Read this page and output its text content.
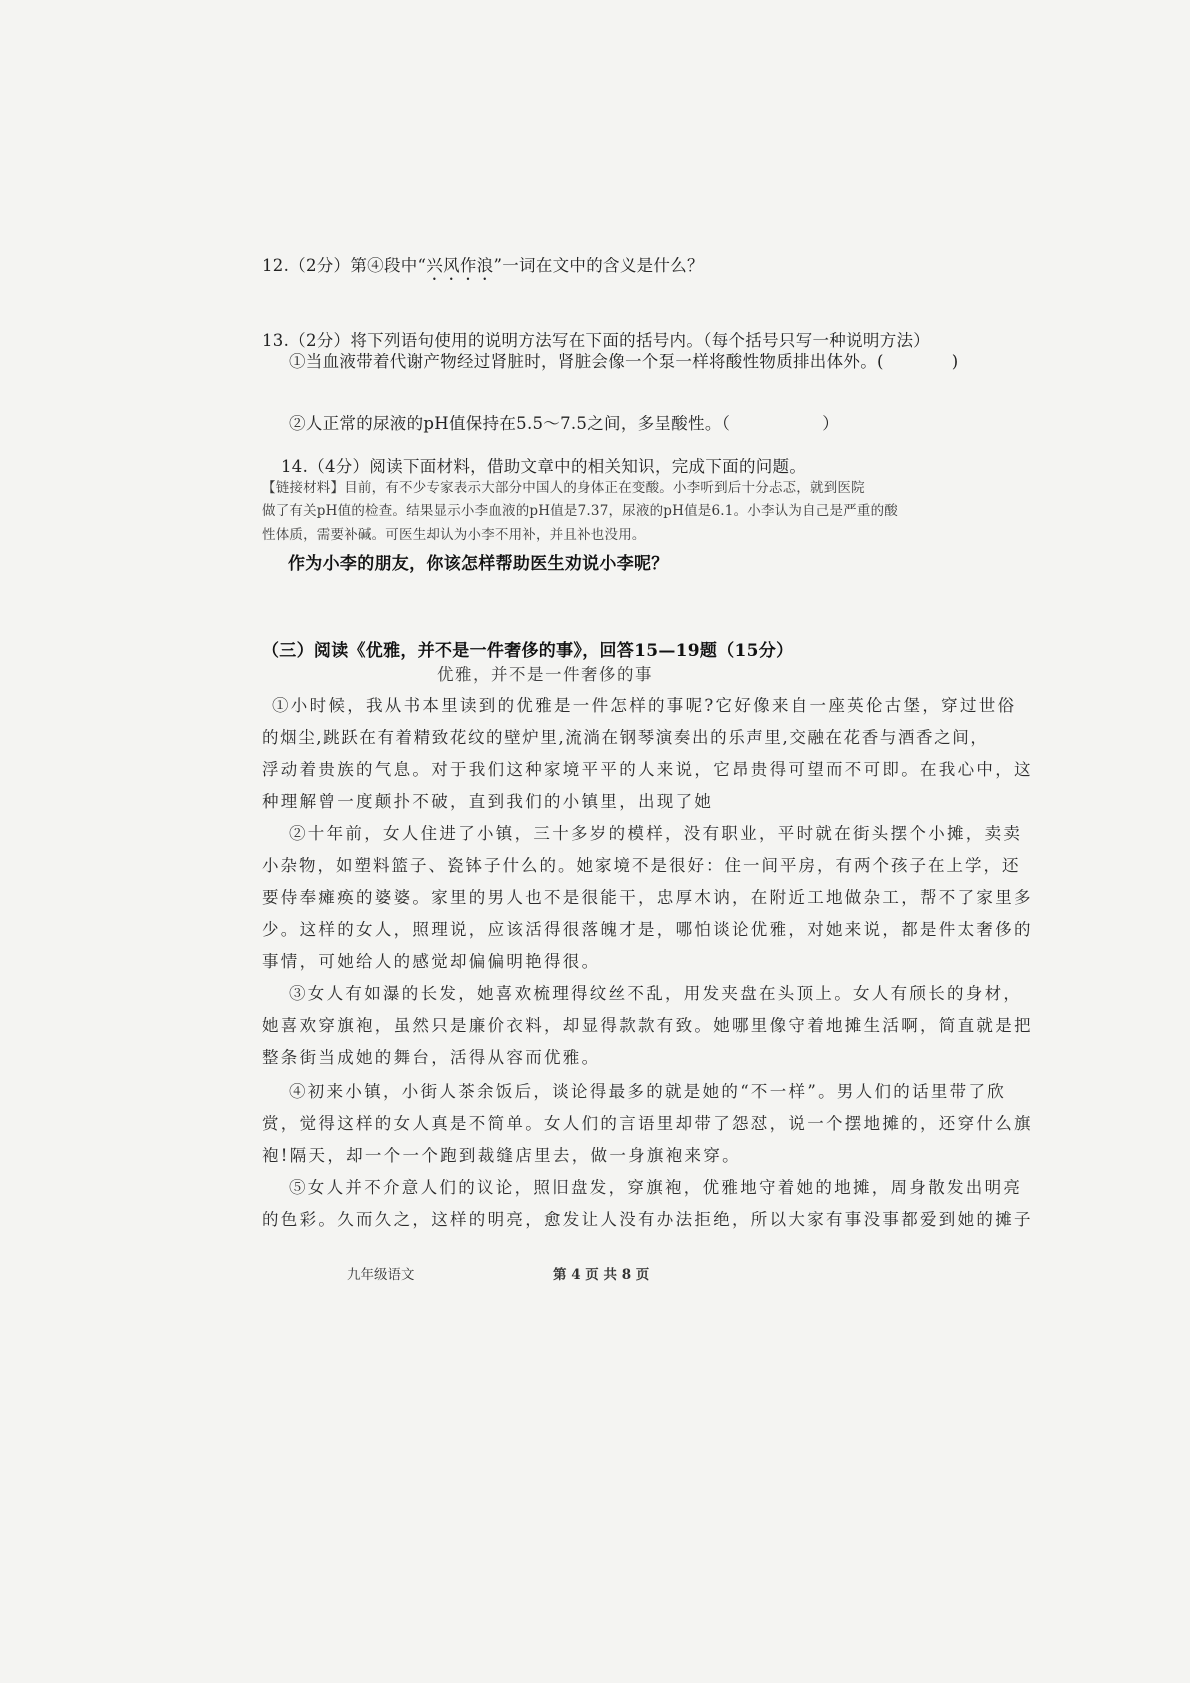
12.（2分）第④段中“兴风作浪”一词在文中的含义是什么？
13.（2分）将下列语句使用的说明方法写在下面的括号内。（每个括号只写一种说明方法）
①当血液带着代谢产物经过肾脏时，肾脏会像一个泵一样将酸性物质排出体外。(	)
②人正常的尿液的pH值保持在5.5～7.5之间，多呈酸性。（	）
14.（4分）阅读下面材料，借助文章中的相关知识，完成下面的问题。
【链接材料】目前，有不少专家表示大部分中国人的身体正在变酸。小李听到后十分忐忑，就到医院
做了有关pH值的检查。结果显示小李血液的pH值是7.37，尿液的pH值是6.1。小李认为自己是严重的酸
性体质，需要补碱。可医生却认为小李不用补，并且补也没用。
作为小李的朋友，你该怎样帮助医生劝说小李呢？
（三）阅读《优雅，并不是一件奢侈的事》，回答15—19题（15分）
优雅，并不是一件奢侈的事
①小时候，我从书本里读到的优雅是一件怎样的事呢?它好像来自一座英伦古堡，穿过世俗
的烟尘,跳跃在有着精致花纹的壁炉里,流淌在钢琴演奏出的乐声里,交融在花香与酒香之间，
浮动着贵族的气息。对于我们这种家境平平的人来说，它昂贵得可望而不可即。在我心中，这
种理解曾一度颠扑不破，直到我们的小镇里，出现了她
②十年前，女人住进了小镇，三十多岁的模样，没有职业，平时就在街头摆个小摊，卖卖
小杂物，如塑料篮子、瓷钵子什么的。她家境不是很好：住一间平房，有两个孩子在上学，还
要侍奉瘫痪的婆婆。家里的男人也不是很能干，忠厚木讷，在附近工地做杂工，帮不了家里多
少。这样的女人，照理说，应该活得很落魄才是，哪怕谈论优雅，对她来说，都是件太奢侈的
事情，可她给人的感觉却偏偏明艳得很。
③女人有如瀑的长发，她喜欢梳理得纹丝不乱，用发夹盘在头顶上。女人有颀长的身材，
她喜欢穿旗袍，虽然只是廉价衣料，却显得款款有致。她哪里像守着地摊生活啊，简直就是把
整条街当成她的舞台，活得从容而优雅。
④初来小镇，小街人茶余饭后，谈论得最多的就是她的“不一样”。男人们的话里带了欣
赏，觉得这样的女人真是不简单。女人们的言语里却带了怨怼，说一个摆地摊的，还穿什么旗
袍!隔天，却一个一个跑到裁缝店里去，做一身旗袍来穿。
⑤女人并不介意人们的议论，照旧盘发，穿旗袍，优雅地守着她的地摊，周身散发出明亮
的色彩。久而久之，这样的明亮，愈发让人没有办法拒绝，所以大家有事没事都爱到她的摊子
九年级语文	第 4 页 共 8 页
